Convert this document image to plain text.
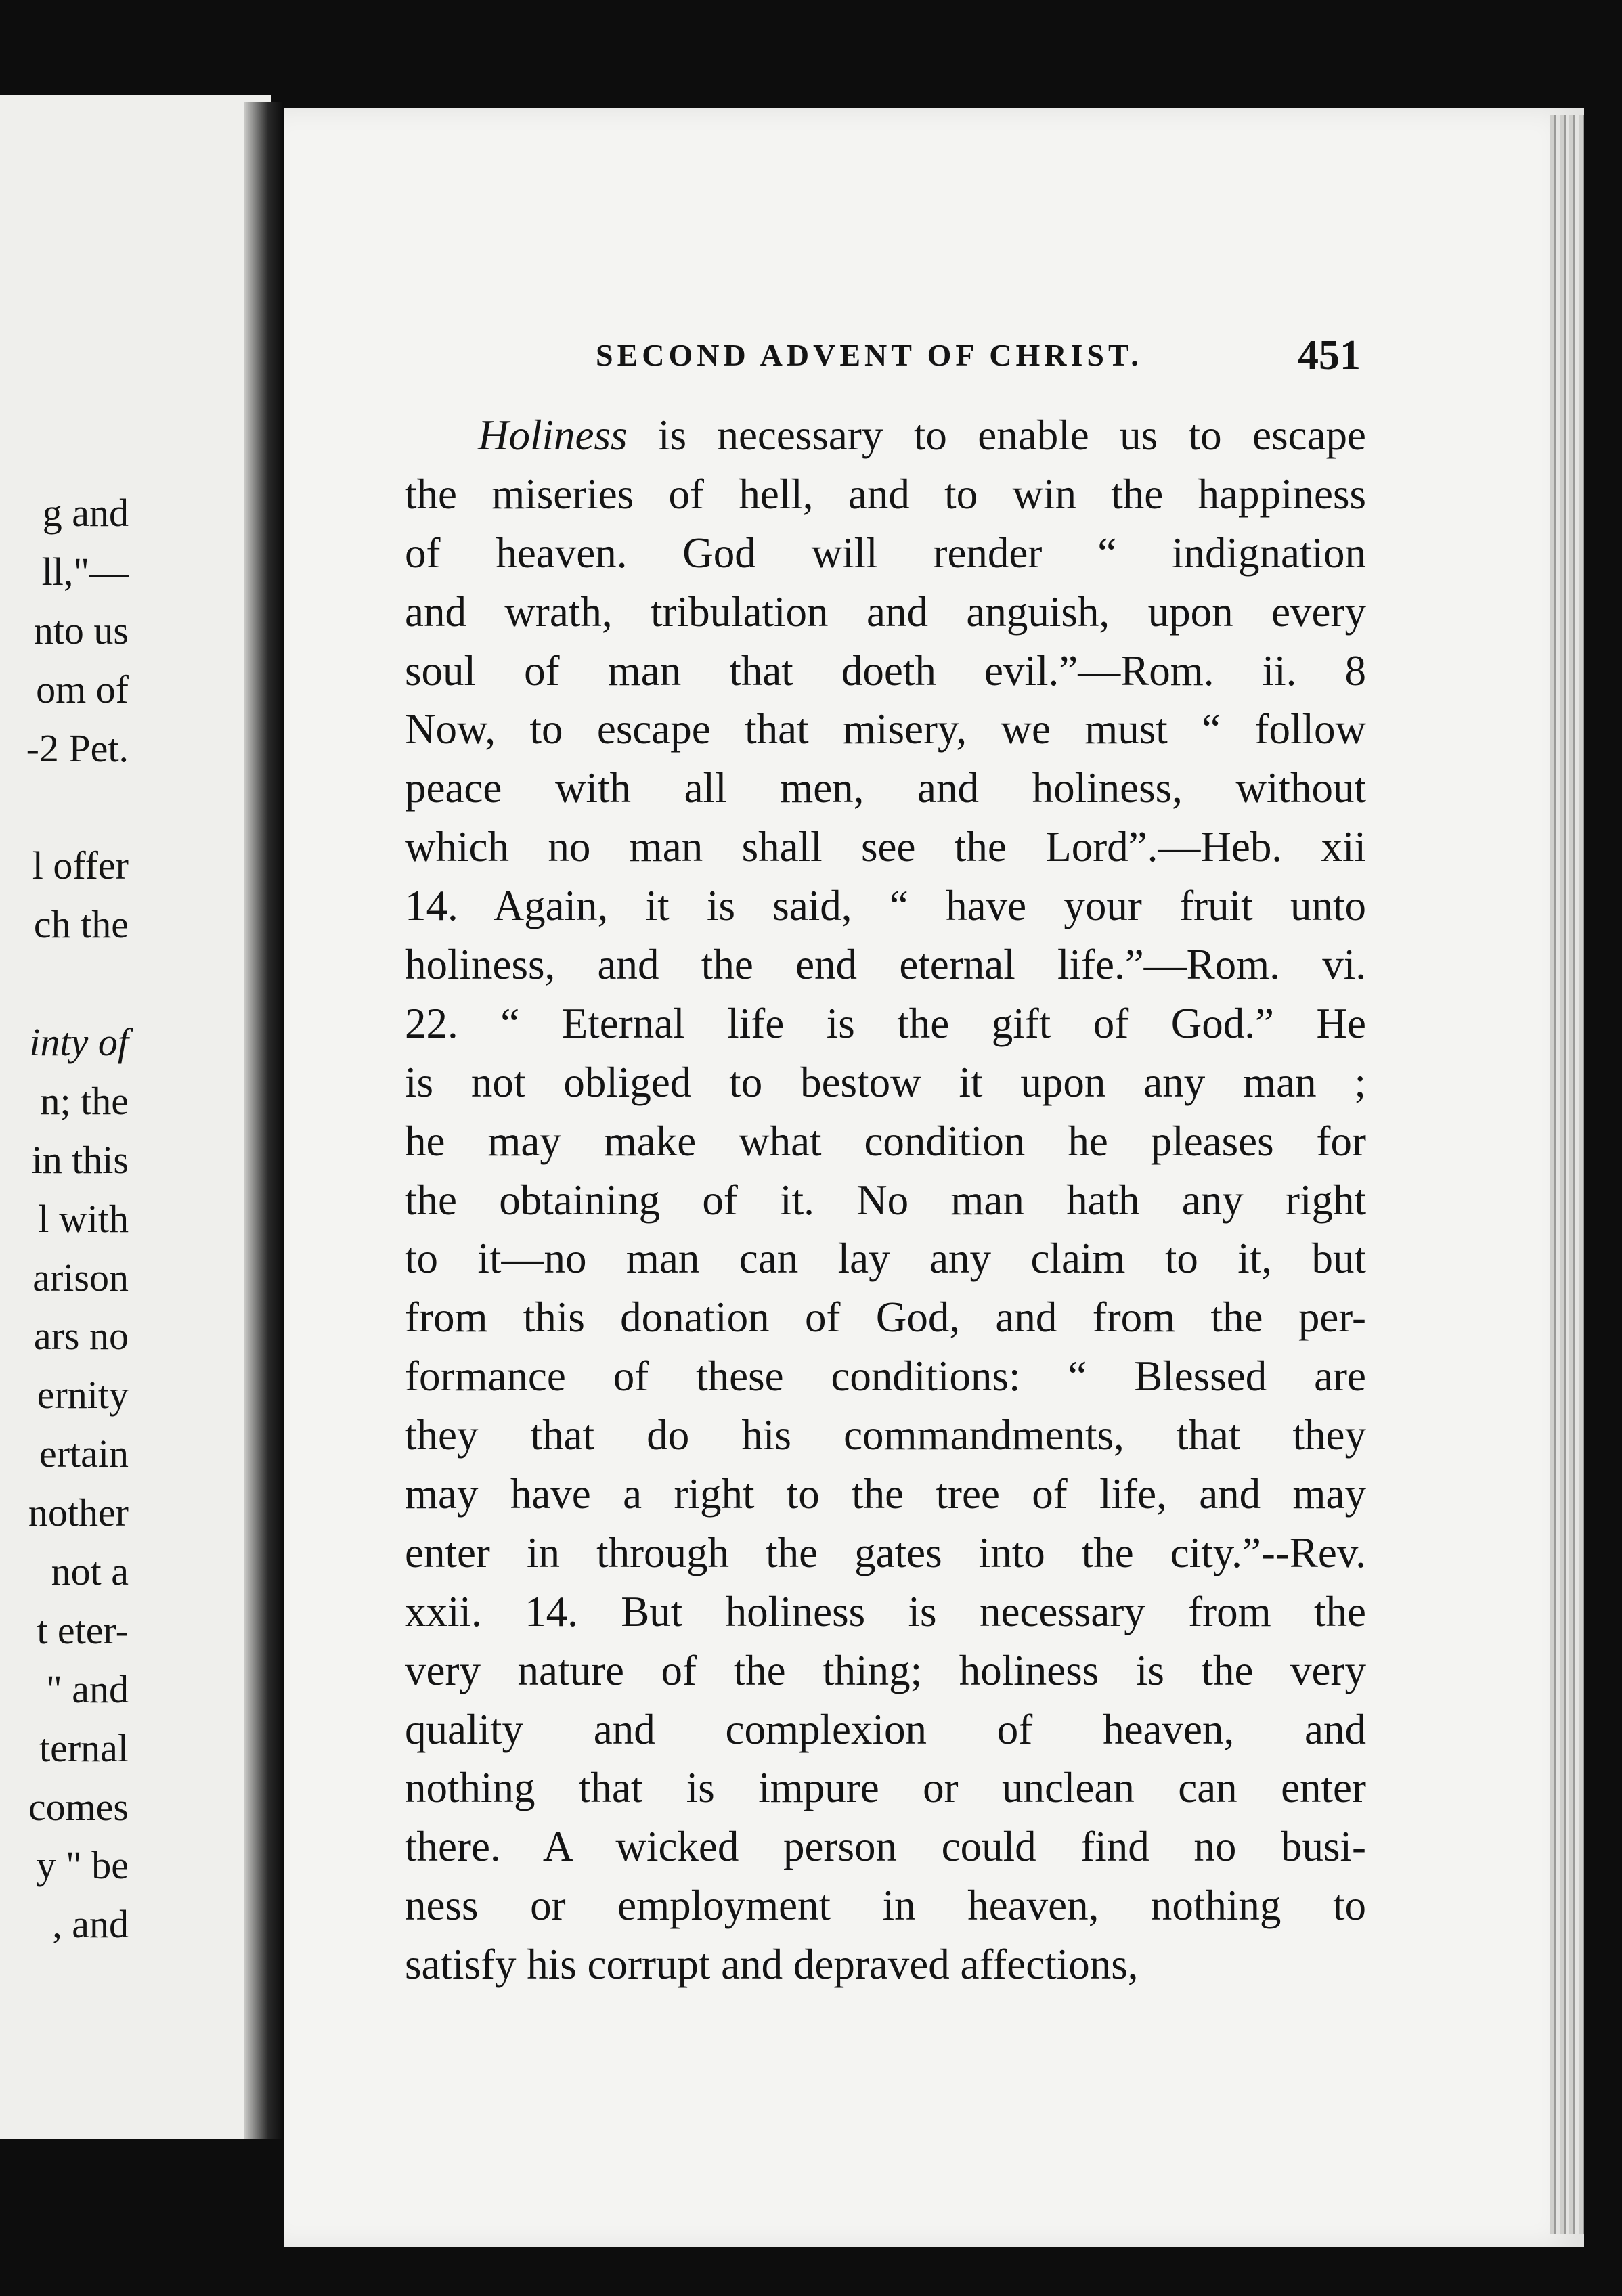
g and
ll,"—
nto us
om of
-2 Pet.
l offer
ch the
inty of
n; the
in this
l with
arison
ars no
ernity
ertain
nother
not a
t eter-
" and
ternal
comes
y " be
, and
SECOND ADVENT OF CHRIST.	451
Holiness is necessary to enable us to escape
the miseries of hell, and to win the happiness
of heaven. God will render “ indignation
and wrath, tribulation and anguish, upon every
soul of man that doeth evil.”—Rom. ii. 8
Now, to escape that misery, we must “ follow
peace with all men, and holiness, without
which no man shall see the Lord”.—Heb. xii
14. Again, it is said, “ have your fruit unto
holiness, and the end eternal life.”—Rom. vi.
22. “ Eternal life is the gift of God.” He
is not obliged to bestow it upon any man ;
he may make what condition he pleases for
the obtaining of it. No man hath any right
to it—no man can lay any claim to it, but
from this donation of God, and from the per-
formance of these conditions: “ Blessed are
they that do his commandments, that they
may have a right to the tree of life, and may
enter in through the gates into the city.”--Rev.
xxii. 14. But holiness is necessary from the
very nature of the thing; holiness is the very
quality and complexion of heaven, and
nothing that is impure or unclean can enter
there. A wicked person could find no busi-
ness or employment in heaven, nothing to
satisfy his corrupt and depraved affections,
